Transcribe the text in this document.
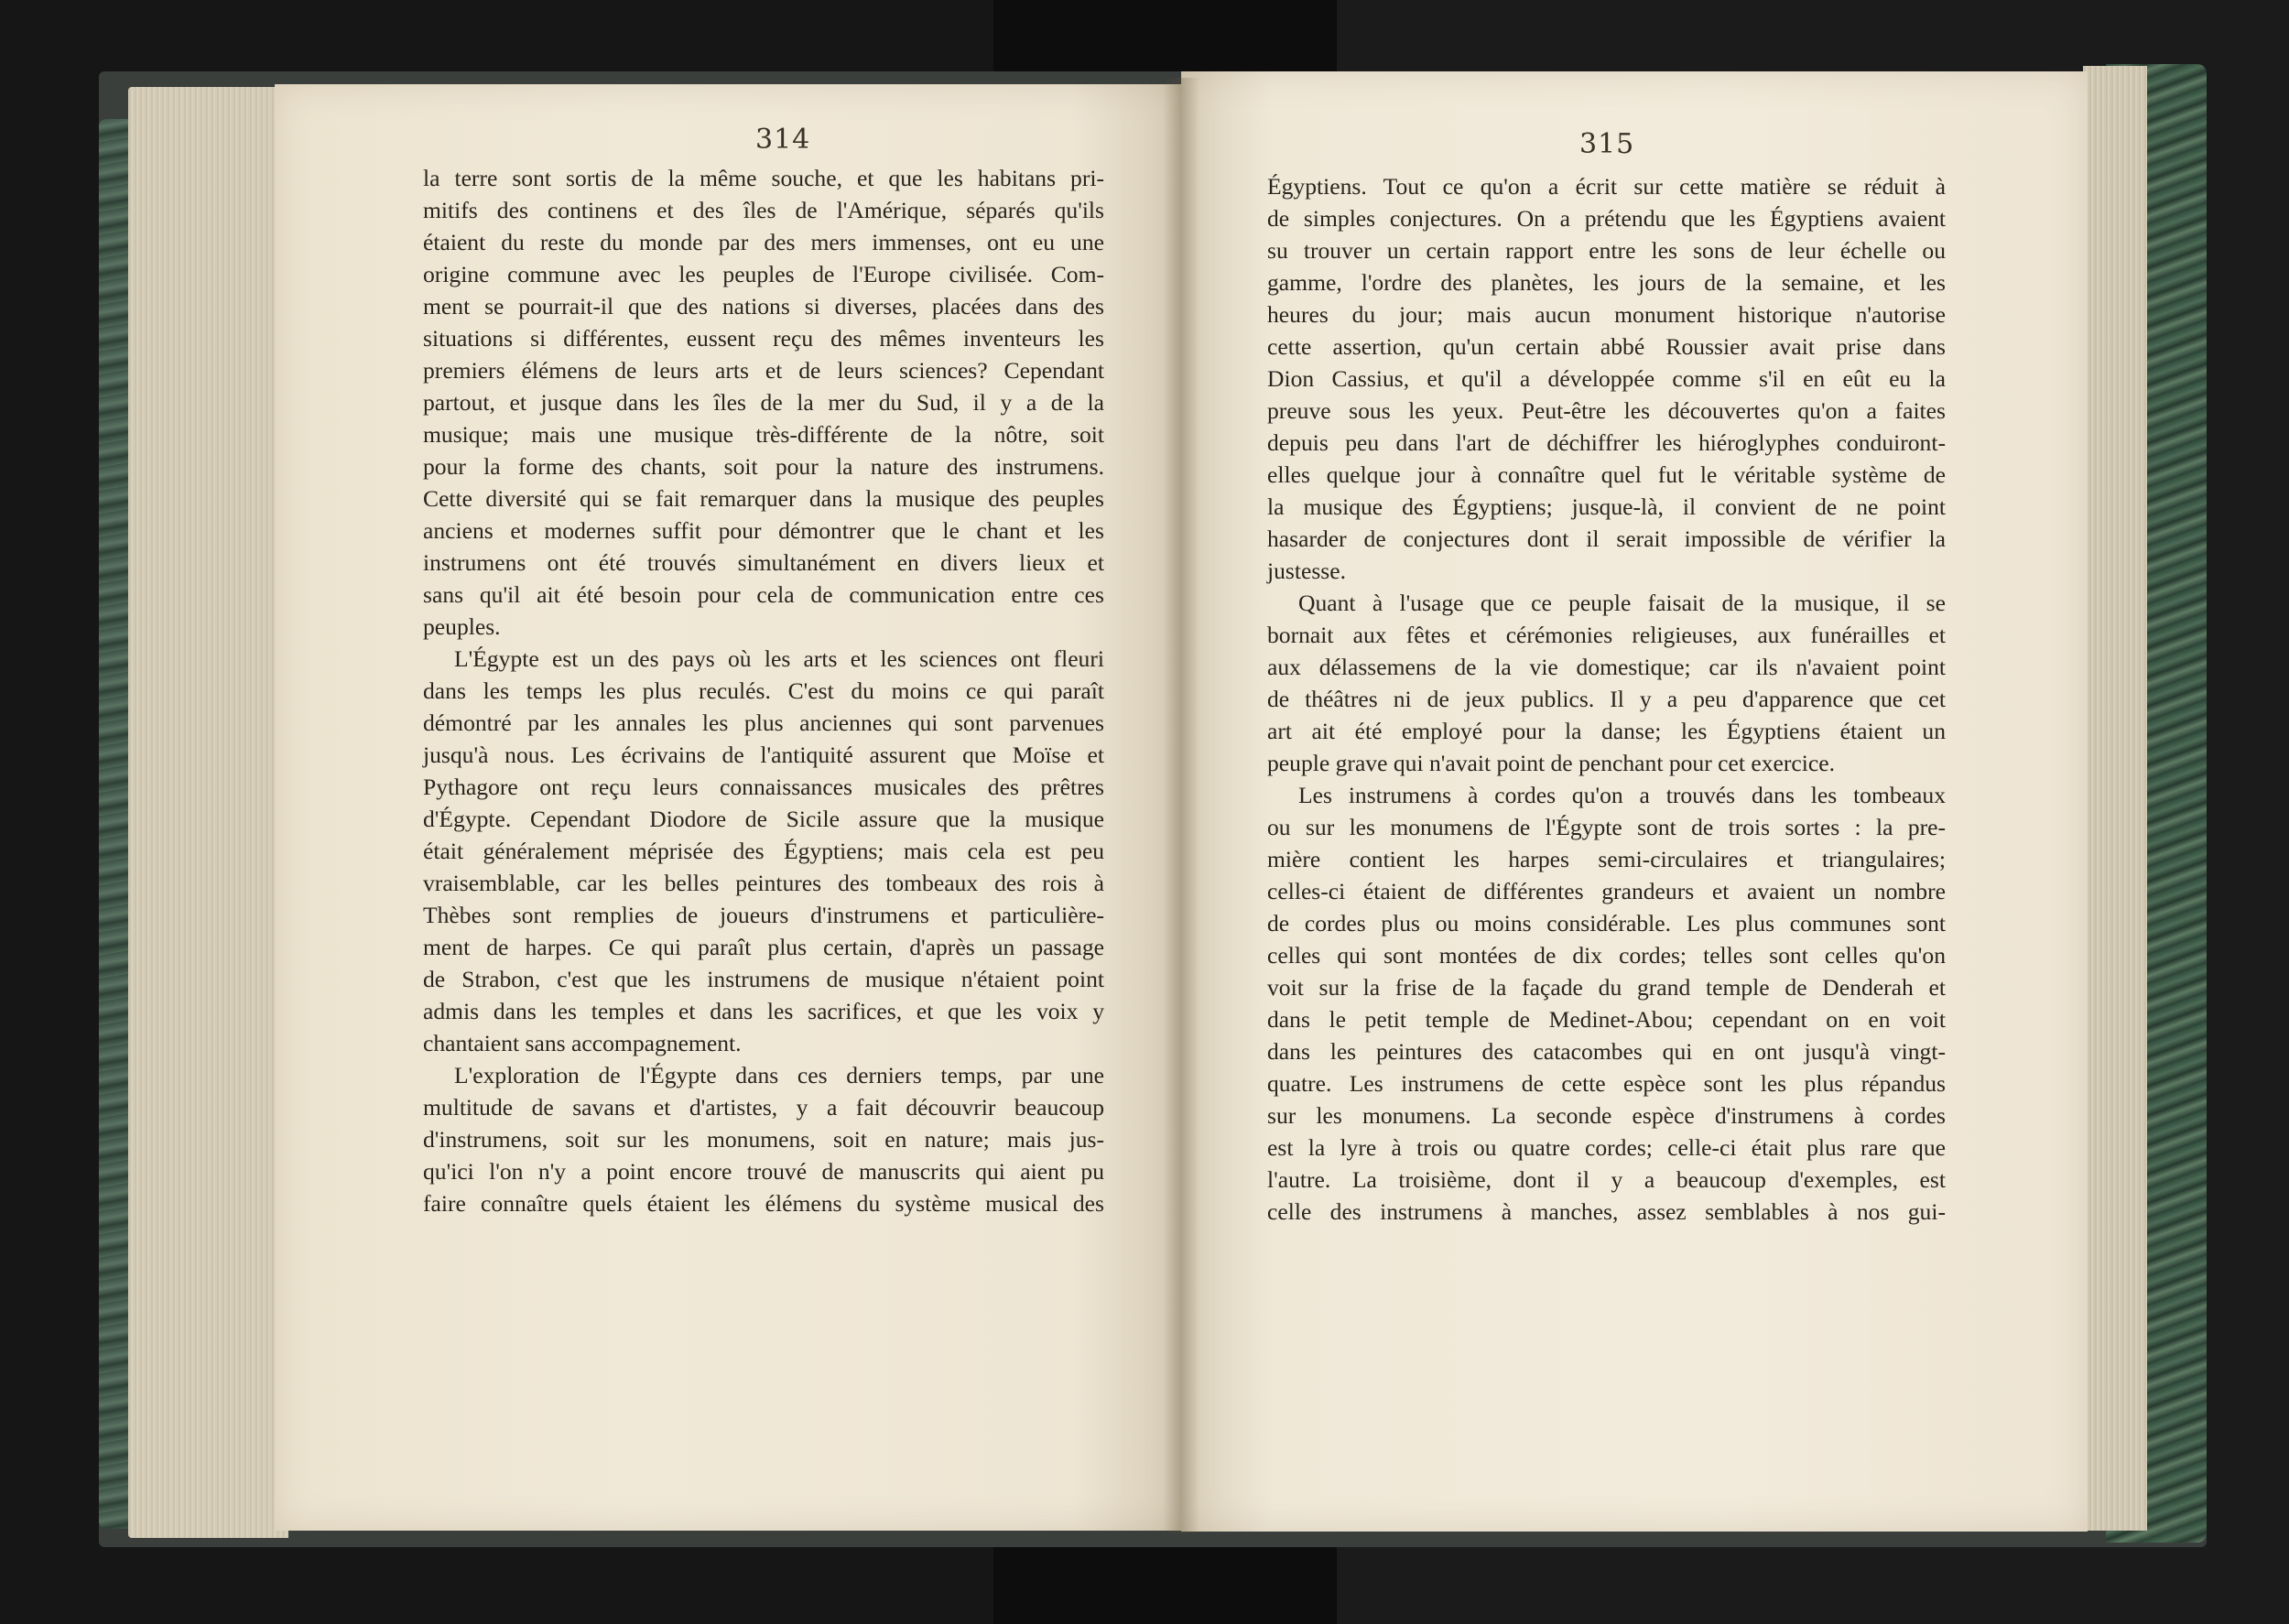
314	315
la terre sont sortis de la même souche, et que les habitans pri-
mitifs des continens et des îles de l'Amérique, séparés qu'ils
étaient du reste du monde par des mers immenses, ont eu une
origine commune avec les peuples de l'Europe civilisée. Com-
ment se pourrait-il que des nations si diverses, placées dans des
situations si différentes, eussent reçu des mêmes inventeurs les
premiers élémens de leurs arts et de leurs sciences? Cependant
partout, et jusque dans les îles de la mer du Sud, il y a de la
musique; mais une musique très-différente de la nôtre, soit
pour la forme des chants, soit pour la nature des instrumens.
Cette diversité qui se fait remarquer dans la musique des peuples
anciens et modernes suffit pour démontrer que le chant et les
instrumens ont été trouvés simultanément en divers lieux et
sans qu'il ait été besoin pour cela de communication entre ces
peuples.
L'Égypte est un des pays où les arts et les sciences ont fleuri
dans les temps les plus reculés. C'est du moins ce qui paraît
démontré par les annales les plus anciennes qui sont parvenues
jusqu'à nous. Les écrivains de l'antiquité assurent que Moïse et
Pythagore ont reçu leurs connaissances musicales des prêtres
d'Égypte. Cependant Diodore de Sicile assure que la musique
était généralement méprisée des Égyptiens; mais cela est peu
vraisemblable, car les belles peintures des tombeaux des rois à
Thèbes sont remplies de joueurs d'instrumens et particulière-
ment de harpes. Ce qui paraît plus certain, d'après un passage
de Strabon, c'est que les instrumens de musique n'étaient point
admis dans les temples et dans les sacrifices, et que les voix y
chantaient sans accompagnement.
L'exploration de l'Égypte dans ces derniers temps, par une
multitude de savans et d'artistes, y a fait découvrir beaucoup
d'instrumens, soit sur les monumens, soit en nature; mais jus-
qu'ici l'on n'y a point encore trouvé de manuscrits qui aient pu
faire connaître quels étaient les élémens du système musical des
Égyptiens. Tout ce qu'on a écrit sur cette matière se réduit à
de simples conjectures. On a prétendu que les Égyptiens avaient
su trouver un certain rapport entre les sons de leur échelle ou
gamme, l'ordre des planètes, les jours de la semaine, et les
heures du jour; mais aucun monument historique n'autorise
cette assertion, qu'un certain abbé Roussier avait prise dans
Dion Cassius, et qu'il a développée comme s'il en eût eu la
preuve sous les yeux. Peut-être les découvertes qu'on a faites
depuis peu dans l'art de déchiffrer les hiéroglyphes conduiront-
elles quelque jour à connaître quel fut le véritable système de
la musique des Égyptiens; jusque-là, il convient de ne point
hasarder de conjectures dont il serait impossible de vérifier la
justesse.
Quant à l'usage que ce peuple faisait de la musique, il se
bornait aux fêtes et cérémonies religieuses, aux funérailles et
aux délassemens de la vie domestique; car ils n'avaient point
de théâtres ni de jeux publics. Il y a peu d'apparence que cet
art ait été employé pour la danse; les Égyptiens étaient un
peuple grave qui n'avait point de penchant pour cet exercice.
Les instrumens à cordes qu'on a trouvés dans les tombeaux
ou sur les monumens de l'Égypte sont de trois sortes : la pre-
mière contient les harpes semi-circulaires et triangulaires;
celles-ci étaient de différentes grandeurs et avaient un nombre
de cordes plus ou moins considérable. Les plus communes sont
celles qui sont montées de dix cordes; telles sont celles qu'on
voit sur la frise de la façade du grand temple de Denderah et
dans le petit temple de Medinet-Abou; cependant on en voit
dans les peintures des catacombes qui en ont jusqu'à vingt-
quatre. Les instrumens de cette espèce sont les plus répandus
sur les monumens. La seconde espèce d'instrumens à cordes
est la lyre à trois ou quatre cordes; celle-ci était plus rare que
l'autre. La troisième, dont il y a beaucoup d'exemples, est
celle des instrumens à manches, assez semblables à nos gui-
